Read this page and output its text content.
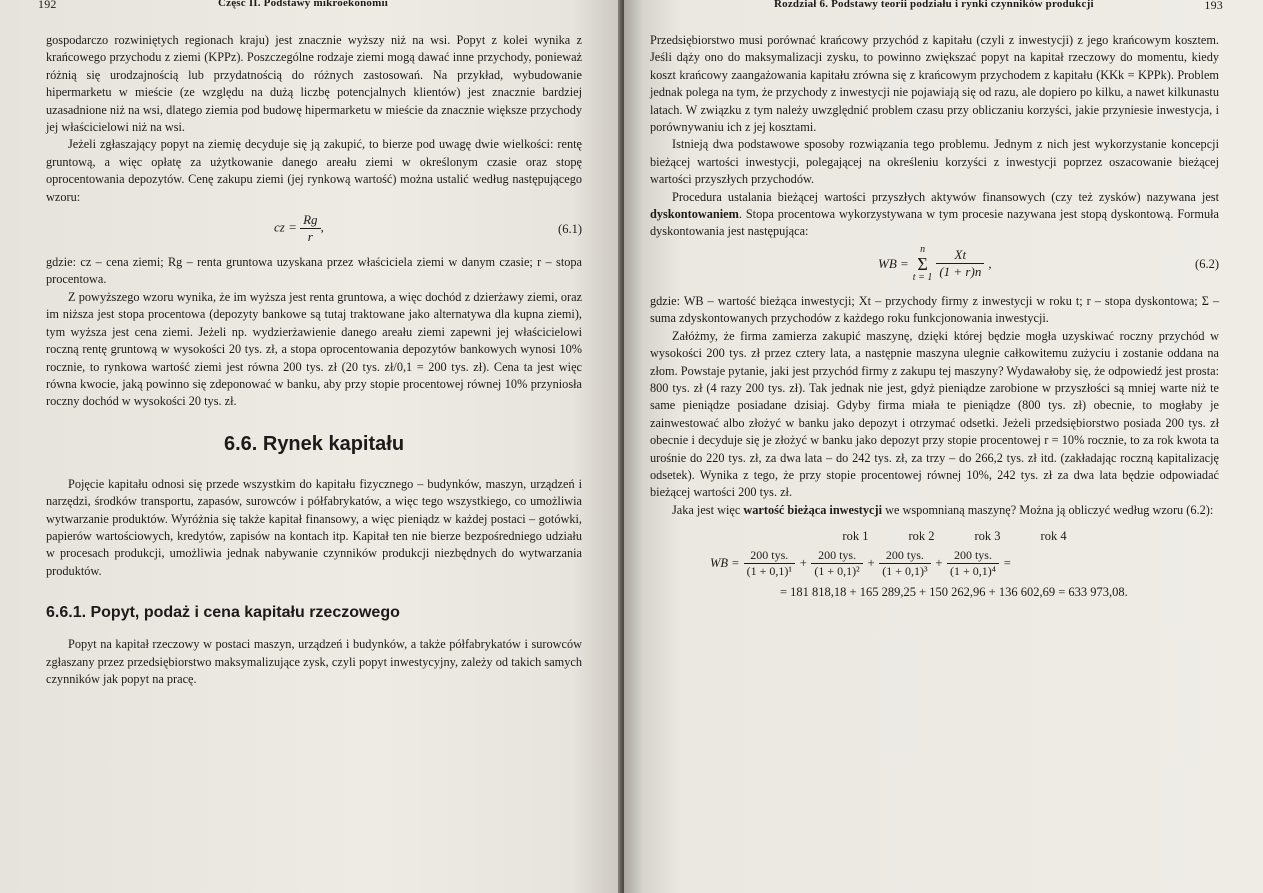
192	Część II. Podstawy mikroekonomii

gospodarczo rozwiniętych regionach kraju) jest znacznie wyższy niż na wsi. Popyt z kolei wynika z krańcowego przychodu z ziemi (KPPz). Poszczególne rodzaje ziemi mogą dawać inne przychody, ponieważ różnią się urodzajnością lub przydatnością do różnych zastosowań. Na przykład, wybudowanie hipermarketu w mieście (ze względu na dużą liczbę potencjalnych klientów) jest znacznie bardziej uzasadnione niż na wsi, dlatego ziemia pod budowę hipermarketu w mieście da znacznie większe przychody jej właścicielowi niż na wsi.

Jeżeli zgłaszający popyt na ziemię decyduje się ją zakupić, to bierze pod uwagę dwie wielkości: rentę gruntową, a więc opłatę za użytkowanie danego areału ziemi w określonym czasie oraz stopę oprocentowania depozytów. Cenę zakupu ziemi (jej rynkową wartość) można ustalić według następującego wzoru:

cz = $\frac{Rg}{r}$ ,	(6.1)

gdzie: cz – cena ziemi; Rg – renta gruntowa uzyskana przez właściciela ziemi w danym czasie; r – stopa procentowa.

Z powyższego wzoru wynika, że im wyższa jest renta gruntowa, a więc dochód z dzierżawy ziemi, oraz im niższa jest stopa procentowa (depozyty bankowe są tutaj traktowane jako alternatywa dla kupna ziemi), tym wyższa jest cena ziemi. Jeżeli np. wydzierżawienie danego areału ziemi zapewni jej właścicielowi roczną rentę gruntową w wysokości 20 tys. zł, a stopa oprocentowania depozytów bankowych wynosi 10% rocznie, to rynkowa wartość ziemi jest równa 200 tys. zł (20 tys. zł/0,1 = 200 tys. zł). Cena ta jest więc równa kwocie, jaką powinno się zdeponować w banku, aby przy stopie procentowej równej 10% przyniosła roczny dochód w wysokości 20 tys. zł.

6.6. Rynek kapitału

Pojęcie kapitału odnosi się przede wszystkim do kapitału fizycznego – budynków, maszyn, urządzeń i narzędzi, środków transportu, zapasów, surowców i półfabrykatów, a więc tego wszystkiego, co umożliwia wytwarzanie produktów. Wyróżnia się także kapitał finansowy, a więc pieniądz w każdej postaci – gotówki, papierów wartościowych, kredytów, zapisów na kontach itp. Kapitał ten nie bierze bezpośredniego udziału w procesach produkcji, umożliwia jednak nabywanie czynników produkcji niezbędnych do wytwarzania produktów.

6.6.1. Popyt, podaż i cena kapitału rzeczowego

Popyt na kapitał rzeczowy w postaci maszyn, urządzeń i budynków, a także półfabrykatów i surowców zgłaszany przez przedsiębiorstwo maksymalizujące zysk, czyli popyt inwestycyjny, zależy od takich samych czynników jak popyt na pracę.

Rozdział 6. Podstawy teorii podziału i rynki czynników produkcji	193

Przedsiębiorstwo musi porównać krańcowy przychód z kapitału (czyli z inwestycji) z jego krańcowym kosztem. Jeśli dąży ono do maksymalizacji zysku, to powinno zwiększać popyt na kapitał rzeczowy do momentu, kiedy koszt krańcowy zaangażowania kapitału zrówna się z krańcowym przychodem z kapitału (KKk = KPPk). Problem jednak polega na tym, że przychody z inwestycji nie pojawiają się od razu, ale dopiero po kilku, a nawet kilkunastu latach. W związku z tym należy uwzględnić problem czasu przy obliczaniu korzyści, jakie przyniesie inwestycja, i porównywaniu ich z jej kosztami.

Istnieją dwa podstawowe sposoby rozwiązania tego problemu. Jednym z nich jest wykorzystanie koncepcji bieżącej wartości inwestycji, polegającej na określeniu korzyści z inwestycji poprzez oszacowanie bieżącej wartości przyszłych przychodów.

Procedura ustalania bieżącej wartości przyszłych aktywów finansowych (czy też zysków) nazywana jest dyskontowaniem. Stopa procentowa wykorzystywana w tym procesie nazywana jest stopą dyskontową. Formuła dyskontowania jest następująca:

WB =
n
Σ
$t = 1 \frac{Xt}{(1 + r)n}$ ,	(6.2)

gdzie: WB – wartość bieżąca inwestycji; Xt – przychody firmy z inwestycji w roku t; r – stopa dyskontowa; Σ – suma zdyskontowanych przychodów z każdego roku funkcjonowania inwestycji.

Załóżmy, że firma zamierza zakupić maszynę, dzięki której będzie mogła uzyskiwać roczny przychód w wysokości 200 tys. zł przez cztery lata, a następnie maszyna ulegnie całkowitemu zużyciu i zostanie oddana na złom. Powstaje pytanie, jaki jest przychód firmy z zakupu tej maszyny? Wydawałoby się, że odpowiedź jest prosta: 800 tys. zł (4 razy 200 tys. zł). Tak jednak nie jest, gdyż pieniądze zarobione w przyszłości są mniej warte niż te same pieniądze posiadane dzisiaj. Gdyby firma miała te pieniądze (800 tys. zł) obecnie, to mogłaby je zainwestować albo złożyć w banku jako depozyt i otrzymać odsetki. Jeżeli przedsiębiorstwo posiada 200 tys. zł obecnie i decyduje się je złożyć w banku jako depozyt przy stopie procentowej r = 10% rocznie, to za rok kwota ta urośnie do 220 tys. zł, za dwa lata – do 242 tys. zł, za trzy – do 266,2 tys. zł itd. (zakładając roczną kapitalizację odsetek). Wynika z tego, że przy stopie procentowej równej 10%, 242 tys. zł za dwa lata będzie odpowiadać bieżącej wartości 200 tys. zł.

Jaka jest więc wartość bieżąca inwestycji we wspomnianą maszynę? Można ją obliczyć według wzoru (6.2):

rok 1	rok 2	rok 3	rok 4
WB = $\frac{\text{200 tys.}}{\text{(1 + 0,1)¹}} + \frac{\text{200 tys.}}{\text{(1 + 0,1)²}} + \frac{\text{200 tys.}}{\text{(1 + 0,1)³}} + \frac{\text{200 tys.}}{\text{(1 + 0,1)⁴}}$ =
= 181 818,18 + 165 289,25 + 150 262,96 + 136 602,69 = 633 973,08.
